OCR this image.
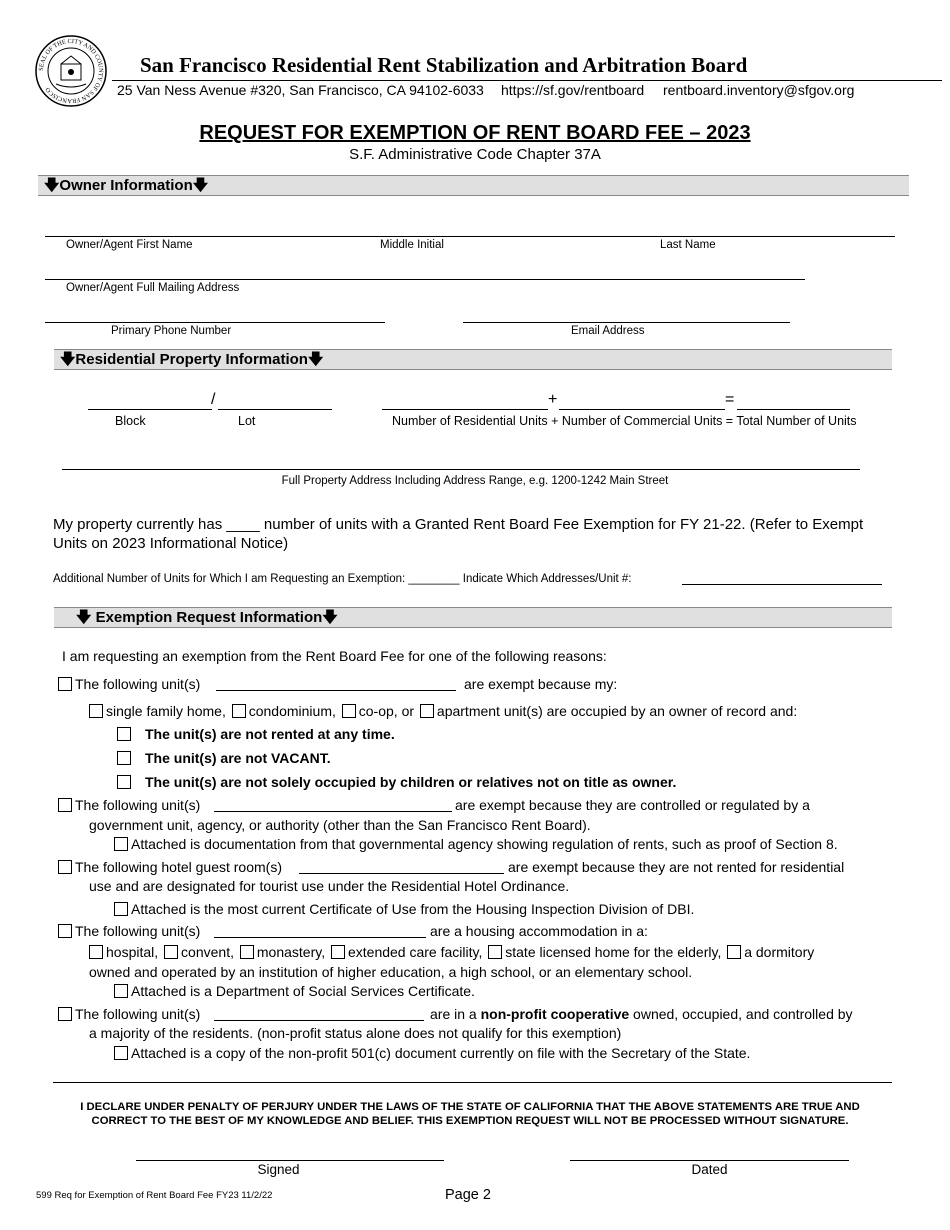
SEAL OF THE CITY AND COUNTY OF SAN FRANCISCO
San Francisco Residential Rent Stabilization and Arbitration Board
25 Van Ness Avenue #320, San Francisco, CA 94102-6033 https://sf.gov/rentboard rentboard.inventory@sfgov.org
REQUEST FOR EXEMPTION OF RENT BOARD FEE – 2023
S.F. Administrative Code Chapter 37A
🡇Owner Information🡇
Owner/Agent First Name	Middle Initial	Last Name
Owner/Agent Full Mailing Address
Primary Phone Number	Email Address
🡇Residential Property Information🡇
/	+	=
Block	Lot	Number of Residential Units + Number of Commercial Units = Total Number of Units
Full Property Address Including Address Range, e.g. 1200-1242 Main Street
My property currently has ____ number of units with a Granted Rent Board Fee Exemption for FY 21-22. (Refer to Exempt
Units on 2023 Informational Notice)
Additional Number of Units for Which I am Requesting an Exemption: ________ Indicate Which Addresses/Unit #:
🡇 Exemption Request Information🡇
I am requesting an exemption from the Rent Board Fee for one of the following reasons:
The following unit(s)	are exempt because my:
single family home, condominium, co-op, or apartment unit(s) are occupied by an owner of record and:
The unit(s) are not rented at any time.
The unit(s) are not VACANT.
The unit(s) are not solely occupied by children or relatives not on title as owner.
The following unit(s)	are exempt because they are controlled or regulated by a
government unit, agency, or authority (other than the San Francisco Rent Board).
Attached is documentation from that governmental agency showing regulation of rents, such as proof of Section 8.
The following hotel guest room(s)	are exempt because they are not rented for residential
use and are designated for tourist use under the Residential Hotel Ordinance.
Attached is the most current Certificate of Use from the Housing Inspection Division of DBI.
The following unit(s)	are a housing accommodation in a:
hospital, convent, monastery, extended care facility, state licensed home for the elderly, a dormitory
owned and operated by an institution of higher education, a high school, or an elementary school.
Attached is a Department of Social Services Certificate.
The following unit(s)	are in a non-profit cooperative owned, occupied, and controlled by
a majority of the residents. (non-profit status alone does not qualify for this exemption)
Attached is a copy of the non-profit 501(c) document currently on file with the Secretary of the State.
I DECLARE UNDER PENALTY OF PERJURY UNDER THE LAWS OF THE STATE OF CALIFORNIA THAT THE ABOVE STATEMENTS ARE TRUE AND
CORRECT TO THE BEST OF MY KNOWLEDGE AND BELIEF. THIS EXEMPTION REQUEST WILL NOT BE PROCESSED WITHOUT SIGNATURE.
Signed	Dated
599 Req for Exemption of Rent Board Fee FY23 11/2/22	Page 2
